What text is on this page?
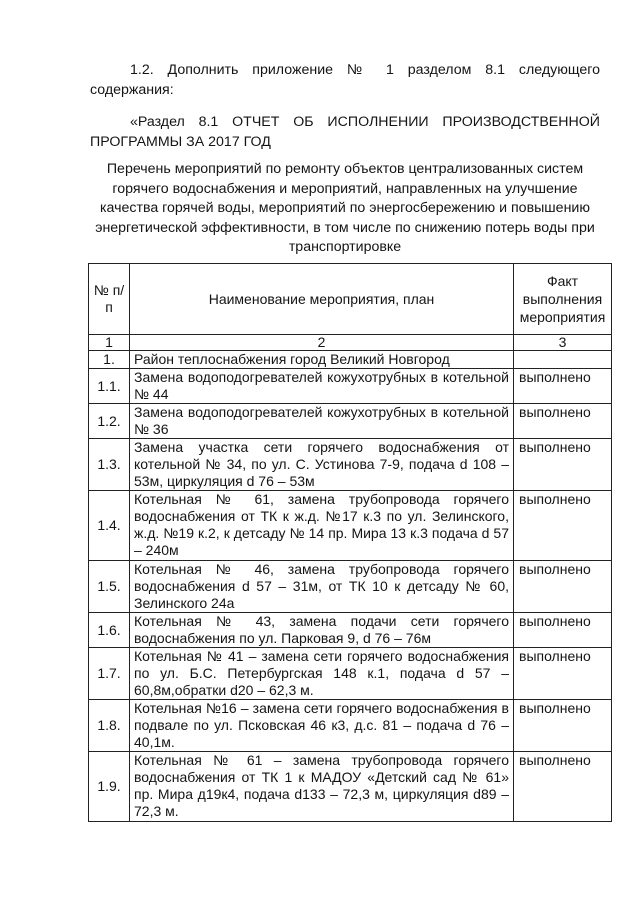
1.2. Дополнить приложение № 1 разделом 8.1 следующего содержания:
«Раздел 8.1 ОТЧЕТ ОБ ИСПОЛНЕНИИ ПРОИЗВОДСТВЕННОЙ ПРОГРАММЫ ЗА 2017 ГОД
Перечень мероприятий по ремонту объектов централизованных систем горячего водоснабжения и мероприятий, направленных на улучшение качества горячей воды, мероприятий по энергосбережению и повышению энергетической эффективности, в том числе по снижению потерь воды при транспортировке
№ п/п	Наименование мероприятия, план	Факт выполнения мероприятия
1	2	3
1.	Район теплоснабжения город Великий Новгород	
1.1.	Замена водоподогревателей кожухотрубных в котельной № 44	выполнено
1.2.	Замена водоподогревателей кожухотрубных в котельной № 36	выполнено
1.3.	Замена участка сети горячего водоснабжения от котельной № 34, по ул. С. Устинова 7-9, подача d 108 – 53м, циркуляция d 76 – 53м	выполнено
1.4.	Котельная № 61, замена трубопровода горячего водоснабжения от ТК к ж.д. №17 к.3 по ул. Зелинского, ж.д. №19 к.2, к детсаду № 14 пр. Мира 13 к.3 подача d 57 – 240м	выполнено
1.5.	Котельная № 46, замена трубопровода горячего водоснабжения d 57 – 31м, от ТК 10 к детсаду № 60, Зелинского 24а	выполнено
1.6.	Котельная № 43, замена подачи сети горячего водоснабжения по ул. Парковая 9, d 76 – 76м	выполнено
1.7.	Котельная № 41 – замена сети горячего водоснабжения по ул. Б.С. Петербургская 148 к.1, подача d 57 – 60,8м,обратки d20 – 62,3 м.	выполнено
1.8.	Котельная №16 – замена сети горячего водоснабжения в подвале по ул. Псковская 46 к3, д.с. 81 – подача d 76 – 40,1м.	выполнено
1.9.	Котельная № 61 – замена трубопровода горячего водоснабжения от ТК 1 к МАДОУ «Детский сад № 61» пр. Мира д19к4, подача d133 – 72,3 м, циркуляция d89 – 72,3 м.	выполнено
